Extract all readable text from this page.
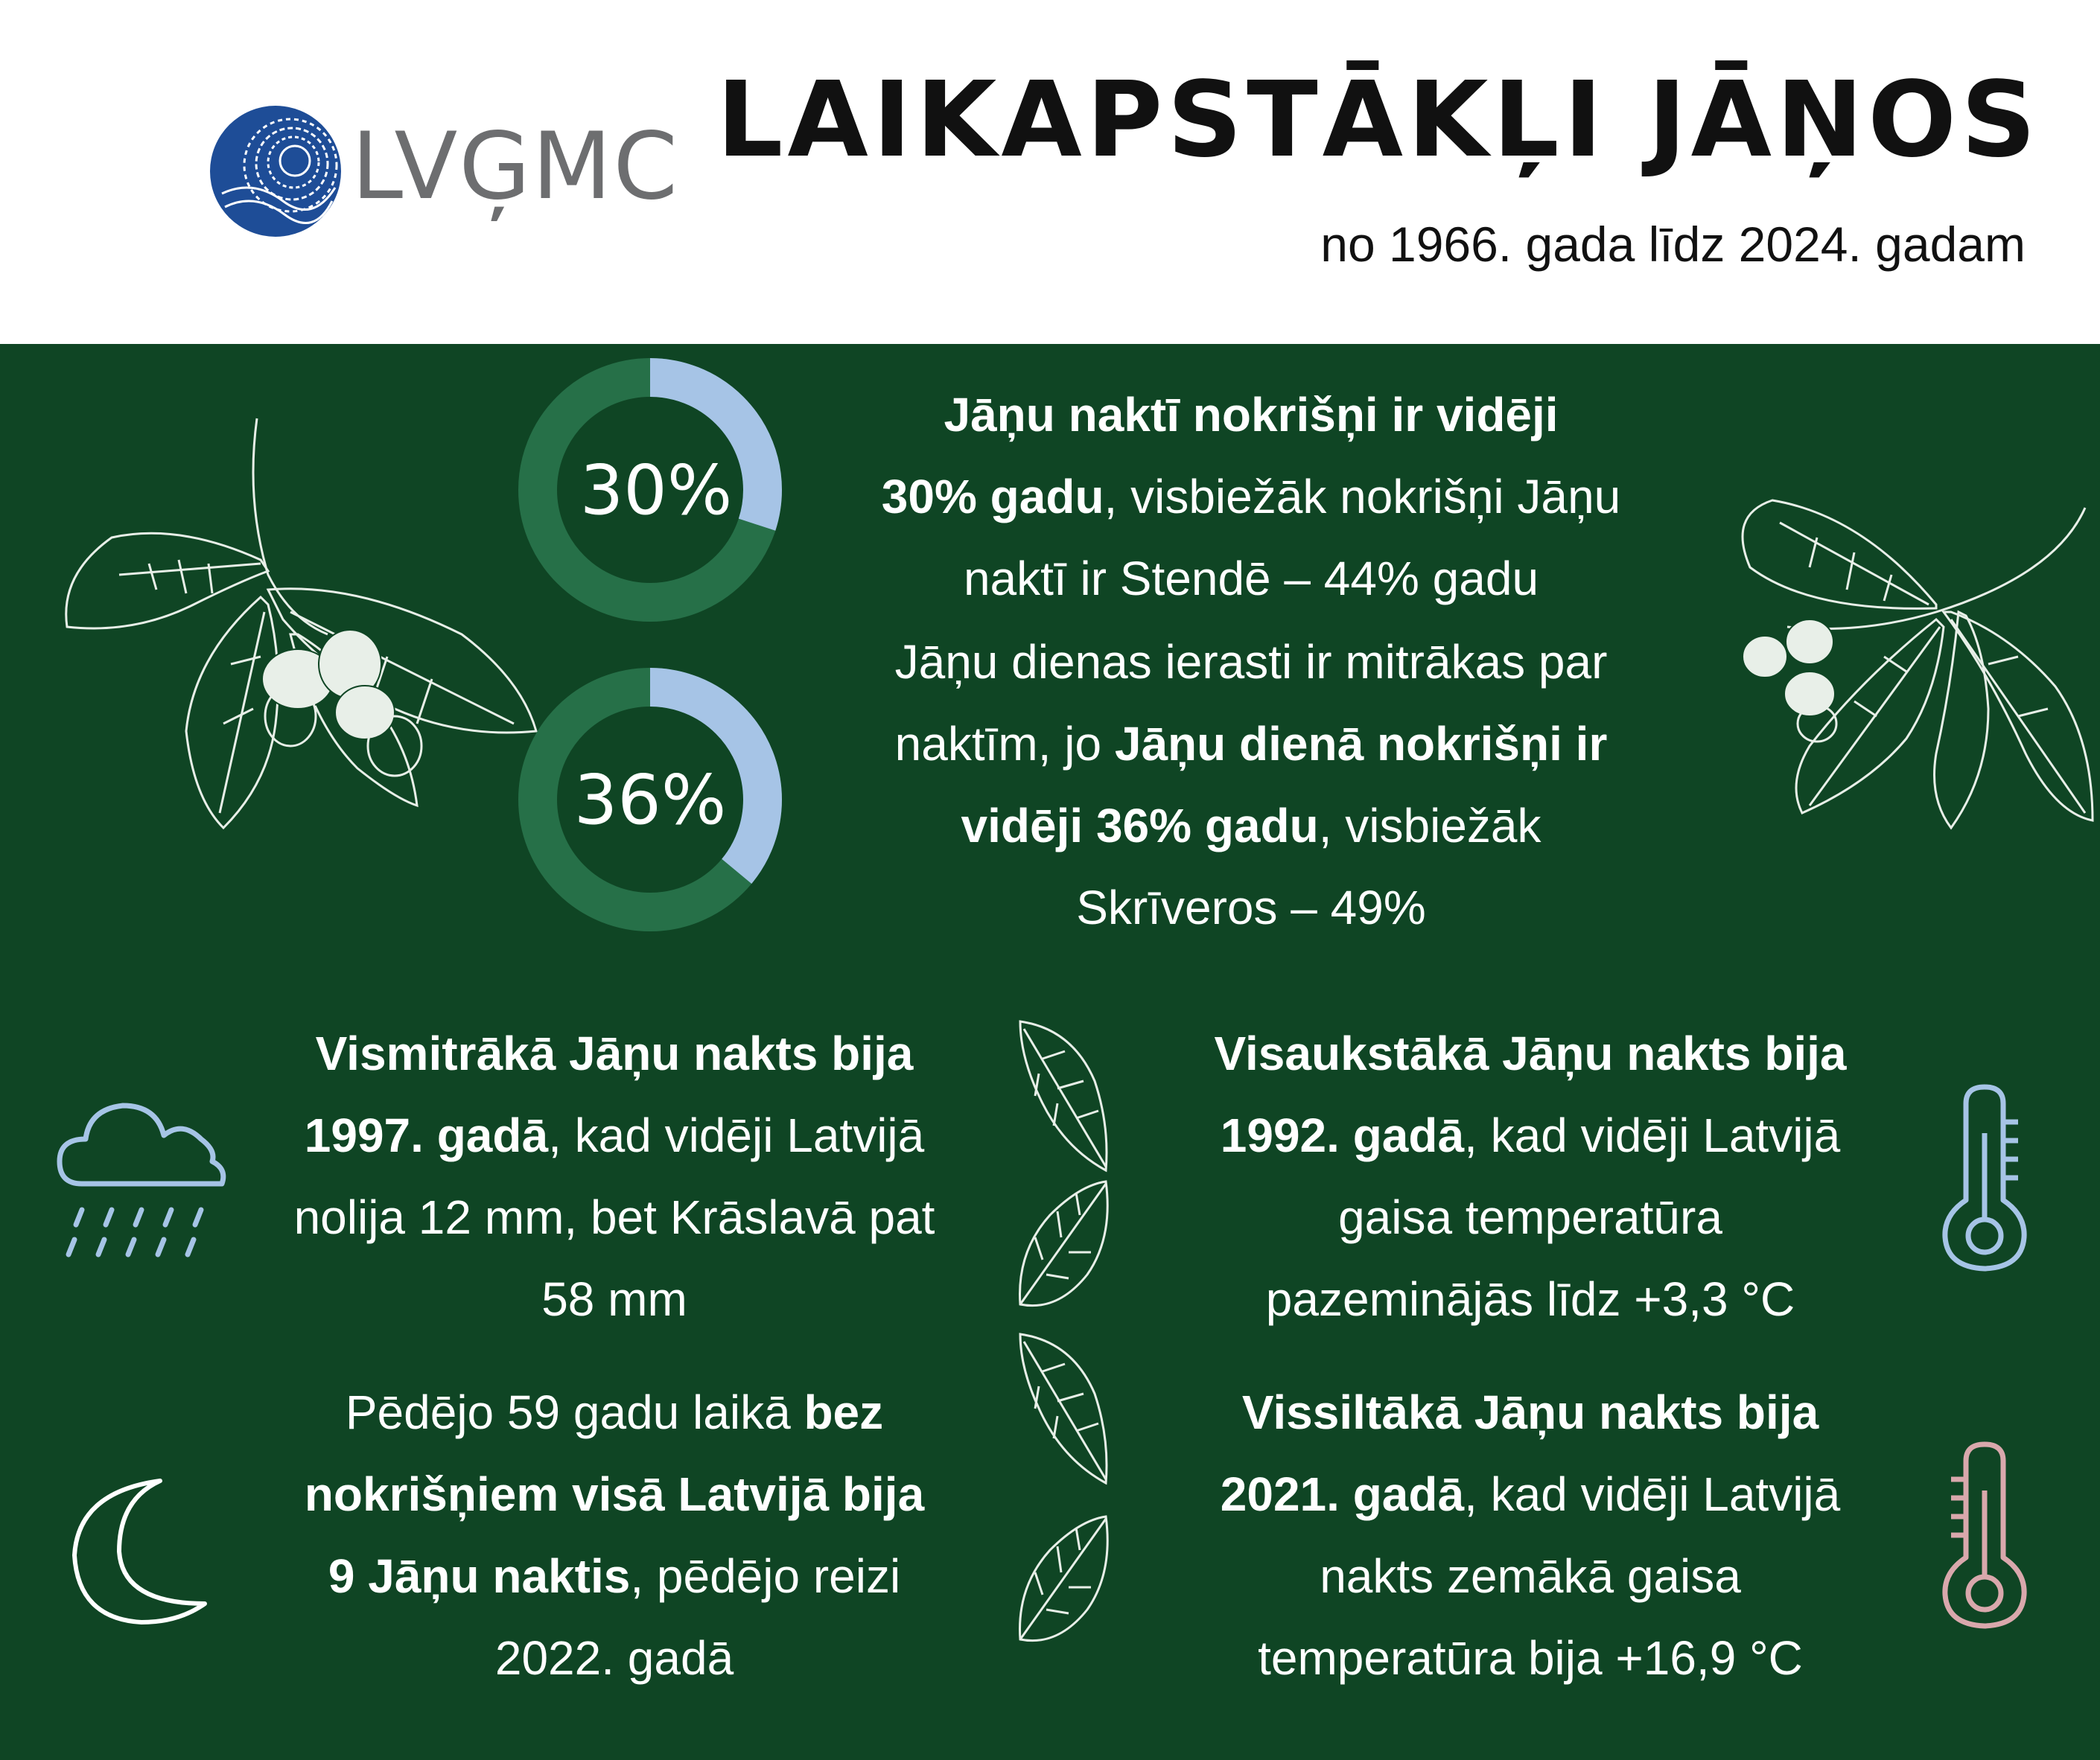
LVĢMC LAIKAPSTĀKĻI JĀŅOS
no 1966. gada līdz 2024. gadam
30%
36%
Jāņu naktī nokrišņi ir vidēji
30% gadu, visbiežāk nokrišņi Jāņu
naktī ir Stendē – 44% gadu
Jāņu dienas ierasti ir mitrākas par
naktīm, jo Jāņu dienā nokrišņi ir
vidēji 36% gadu, visbiežāk
Skrīveros – 49%
Vismitrākā Jāņu nakts bija
1997. gadā, kad vidēji Latvijā
nolija 12 mm, bet Krāslavā pat
58 mm
Pēdējo 59 gadu laikā bez
nokrišņiem visā Latvijā bija
9 Jāņu naktis, pēdējo reizi
2022. gadā
Visaukstākā Jāņu nakts bija
1992. gadā, kad vidēji Latvijā
gaisa temperatūra
pazeminājās līdz +3,3 °C
Vissiltākā Jāņu nakts bija
2021. gadā, kad vidēji Latvijā
nakts zemākā gaisa
temperatūra bija +16,9 °C
